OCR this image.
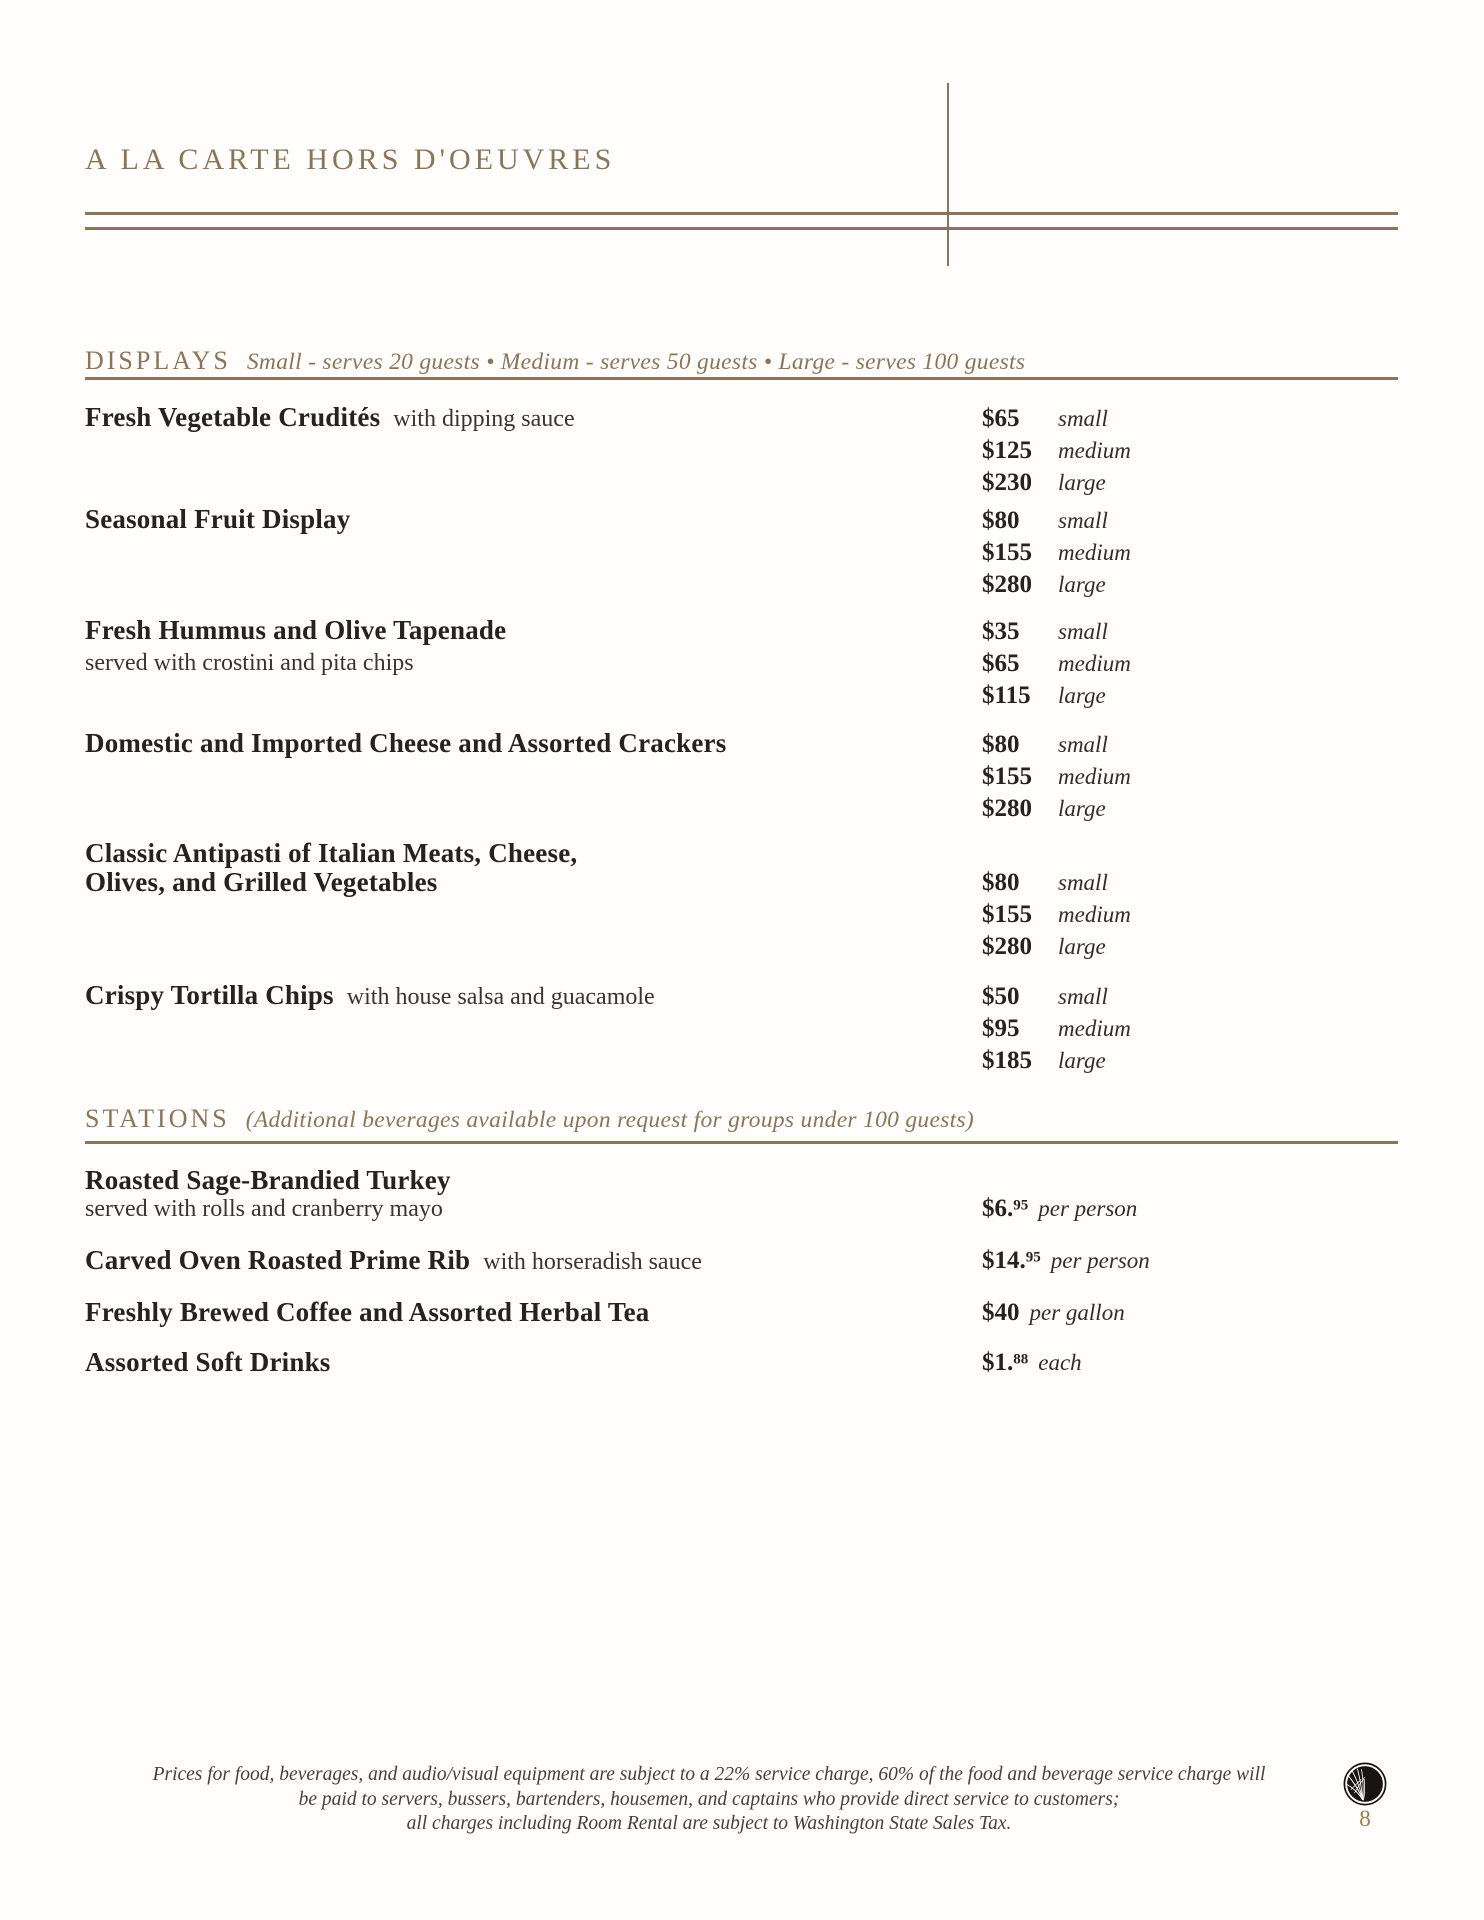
A LA CARTE HORS D'OEUVRES
DISPLAYS Small - serves 20 guests • Medium - serves 50 guests • Large - serves 100 guests
Fresh Vegetable Crudités with dipping sauce	$65 small
$125 medium
$230 large
Seasonal Fruit Display	$80 small
$155 medium
$280 large
Fresh Hummus and Olive Tapenade
served with crostini and pita chips
$35 small
$65 medium
$115 large
Domestic and Imported Cheese and Assorted Crackers	$80 small
$155 medium
$280 large
Classic Antipasti of Italian Meats, Cheese,
Olives, and Grilled Vegetables	$80 small
$155 medium
$280 large
Crispy Tortilla Chips with house salsa and guacamole	$50 small
$95 medium
$185 large
STATIONS (Additional beverages available upon request for groups under 100 guests)
Roasted Sage-Brandied Turkey
served with rolls and cranberry mayo	$6.95 per person
Carved Oven Roasted Prime Rib with horseradish sauce	$14.95 per person
Freshly Brewed Coffee and Assorted Herbal Tea	$40 per gallon
Assorted Soft Drinks	$1.88 each
Prices for food, beverages, and audio/visual equipment are subject to a 22% service charge, 60% of the food and beverage service charge will
be paid to servers, bussers, bartenders, housemen, and captains who provide direct service to customers;
all charges including Room Rental are subject to Washington State Sales Tax.	8
